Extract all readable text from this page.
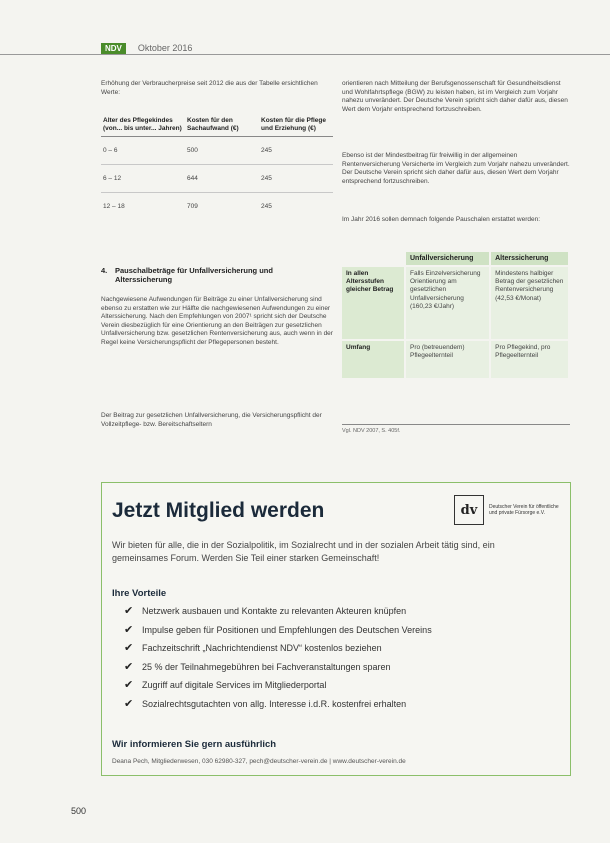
NDV	Oktober 2016
Erhöhung der Verbraucherpreise seit 2012 die aus der Tabelle ersichtlichen Werte:
Alter des Pflegekindes (von... bis unter... Jahren)	Kosten für den Sachaufwand (€)	Kosten für die Pflege und Erziehung (€)
0 – 6	500	245
6 – 12	644	245
12 – 18	709	245
4.	Pauschalbeträge für Unfallversicherung und Alterssicherung
Nachgewiesene Aufwendungen für Beiträge zu einer Unfallversicherung sind ebenso zu erstatten wie zur Hälfte die nachgewiesenen Aufwendungen zu einer Alterssicherung. Nach den Empfehlungen von 2007¹ spricht sich der Deutsche Verein diesbezüglich für eine Orientierung an den Beiträgen zur gesetzlichen Unfallversicherung bzw. gesetzlichen Rentenversicherung aus, auch wenn in der Regel keine Versicherungspflicht der Pflegepersonen besteht.
Der Beitrag zur gesetzlichen Unfallversicherung, die Versicherungspflicht der Vollzeitpflege- bzw. Bereitschaftseltern
orientieren nach Mitteilung der Berufsgenossenschaft für Gesundheitsdienst und Wohlfahrtspflege (BGW) zu leisten haben, ist im Vergleich zum Vorjahr nahezu unverändert. Der Deutsche Verein spricht sich daher dafür aus, diesen Wert dem Vorjahr entsprechend fortzuschreiben.
Ebenso ist der Mindestbeitrag für freiwillig in der allgemeinen Rentenversicherung Versicherte im Vergleich zum Vorjahr nahezu unverändert. Der Deutsche Verein spricht sich daher dafür aus, diesen Wert dem Vorjahr entsprechend fortzuschreiben.
Im Jahr 2016 sollen demnach folgende Pauschalen erstattet werden:
	Unfallversicherung	Alterssicherung
In allen Altersstufen gleicher Betrag	Falls Einzelversicherung Orientierung am gesetzlichen Unfallversicherung (160,23 €/Jahr)	Mindestens halbiger Betrag der gesetzlichen Rentenversicherung (42,53 €/Monat)
Umfang	Pro (betreuendem) Pflegeelternteil	Pro Pflegekind, pro Pflegeelternteil
Vgl. NDV 2007, S. 405f.
Jetzt Mitglied werden	dv	Deutscher Verein für öffentliche und private Fürsorge e.V.
Wir bieten für alle, die in der Sozialpolitik, im Sozialrecht und in der sozialen Arbeit tätig sind, ein gemeinsames Forum. Werden Sie Teil einer starken Gemeinschaft!
Ihre Vorteile
✔ Netzwerk ausbauen und Kontakte zu relevanten Akteuren knüpfen
✔ Impulse geben für Positionen und Empfehlungen des Deutschen Vereins
✔ Fachzeitschrift „Nachrichtendienst NDV“ kostenlos beziehen
✔ 25 % der Teilnahmegebühren bei Fachveranstaltungen sparen
✔ Zugriff auf digitale Services im Mitgliederportal
✔ Sozialrechtsgutachten von allg. Interesse i.d.R. kostenfrei erhalten
Wir informieren Sie gern ausführlich
Deana Pech, Mitgliederwesen, 030 62980-327, pech@deutscher-verein.de | www.deutscher-verein.de
500
